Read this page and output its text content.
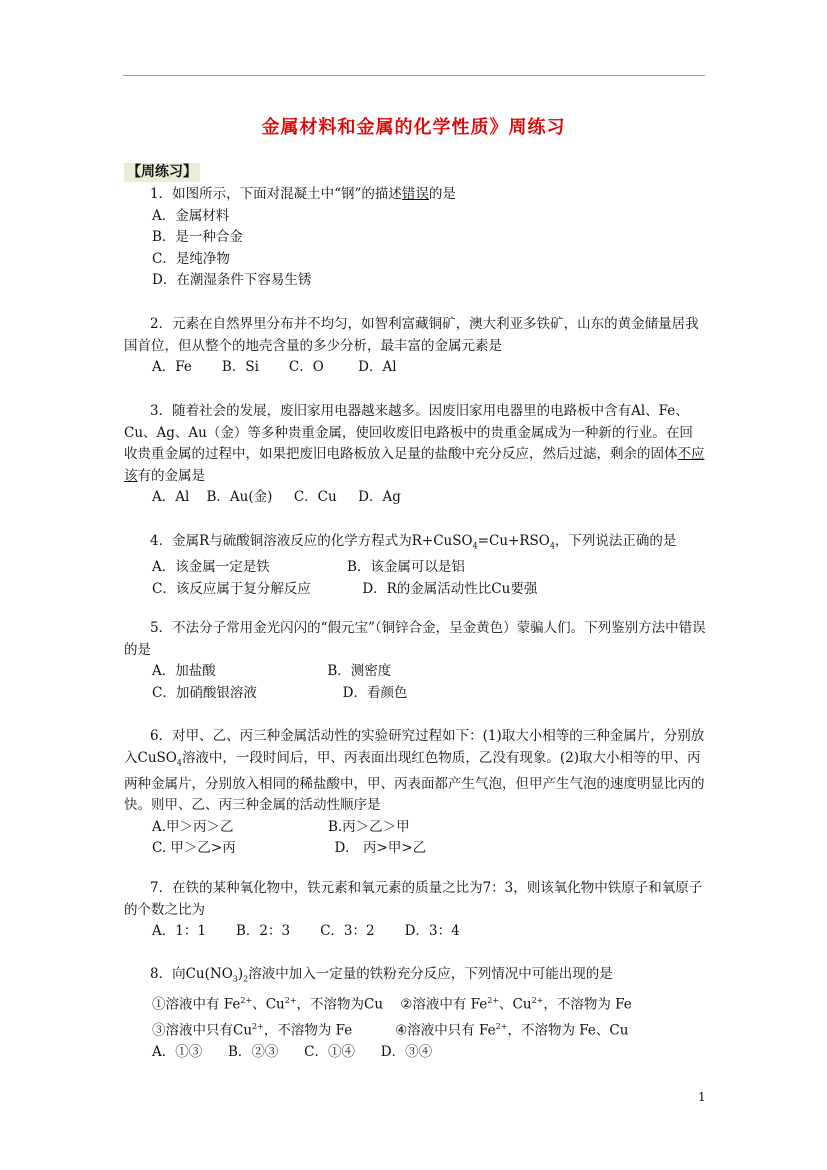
金属材料和金属的化学性质》周练习
【周练习】
1．如图所示，下面对混凝土中“钢”的描述错误的是
A．金属材料
B．是一种合金
C．是纯净物
D．在潮湿条件下容易生锈
2．元素在自然界里分布并不均匀，如智利富藏铜矿，澳大利亚多铁矿，山东的黄金储量居我国首位，但从整个的地壳含量的多少分析，最丰富的金属元素是
A．Fe       B．Si       C．O        D．Al
3．随着社会的发展，废旧家用电器越来越多。因废旧家用电器里的电路板中含有Al、Fe、Cu、Ag、Au（金）等多种贵重金属，使回收废旧电路板中的贵重金属成为一种新的行业。在回收贵重金属的过程中，如果把废旧电路板放入足量的盐酸中充分反应，然后过滤，剩余的固体不应该有的金属是
A．Al    B．Au(金)     C．Cu     D．Ag
4．金属R与硫酸铜溶液反应的化学方程式为$R+CuSO_4=Cu+RSO_4$，下列说法正确的是
A．该金属一定是铁                  B．该金属可以是铝
C．该反应属于复分解反应            D．R的金属活动性比Cu要强
5．不法分子常用金光闪闪的“假元宝”（铜锌合金，呈金黄色）蒙骗人们。下列鉴别方法中错误的是
A．加盐酸                          B．测密度
C．加硝酸银溶液                    D．看颜色
6．对甲、乙、丙三种金属活动性的实验研究过程如下：(1)取大小相等的三种金属片，分别放入CuSO$_4$溶液中，一段时间后，甲、丙表面出现红色物质，乙没有现象。(2)取大小相等的甲、丙两种金属片，分别放入相同的稀盐酸中，甲、丙表面都产生气泡，但甲产生气泡的速度明显比丙的快。则甲、乙、丙三种金属的活动性顺序是
A.甲＞丙＞乙                      B.丙＞乙＞甲
C. 甲＞乙>丙                       D． 丙>甲>乙
7．在铁的某种氧化物中，铁元素和氧元素的质量之比为7：3，则该氧化物中铁原子和氧原子的个数之比为
A．1：1       B．2：3       C．3：2       D．3：4
8．向$Cu(NO_3)_2$溶液中加入一定量的铁粉充分反应，下列情况中可能出现的是
①溶液中有 $Fe^{2+}$、$Cu^{2+}$，不溶物为Cu    ②溶液中有 $Fe^{2+}$、$Cu^{2+}$，不溶物为 Fe
③溶液中只有$Cu^{2+}$，不溶物为 Fe          ④溶液中只有 $Fe^{2+}$，不溶物为 Fe、Cu
A．①③      B．②③      C．①④      D．③④
1
